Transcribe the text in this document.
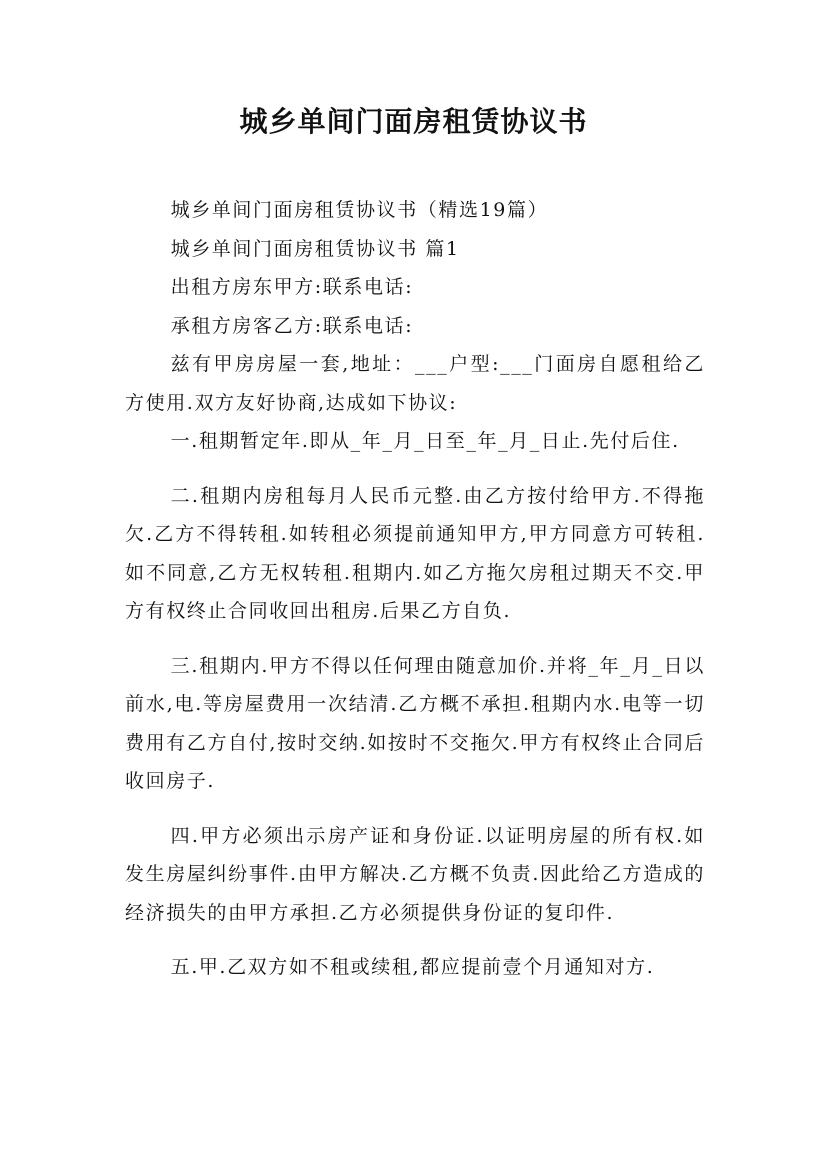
城乡单间门面房租赁协议书

城乡单间门面房租赁协议书（精选19篇）

城乡单间门面房租赁协议书 篇1

出租方房东甲方:联系电话:

承租方房客乙方:联系电话:

兹有甲房房屋一套,地址：___户型:___门面房自愿租给乙方使用.双方友好协商,达成如下协议:

一.租期暂定年.即从_年_月_日至_年_月_日止.先付后住.

二.租期内房租每月人民币元整.由乙方按付给甲方.不得拖欠.乙方不得转租.如转租必须提前通知甲方,甲方同意方可转租.如不同意,乙方无权转租.租期内.如乙方拖欠房租过期天不交.甲方有权终止合同收回出租房.后果乙方自负.

三.租期内.甲方不得以任何理由随意加价.并将_年_月_日以前水,电.等房屋费用一次结清.乙方概不承担.租期内水.电等一切费用有乙方自付,按时交纳.如按时不交拖欠.甲方有权终止合同后收回房子.

四.甲方必须出示房产证和身份证.以证明房屋的所有权.如发生房屋纠纷事件.由甲方解决.乙方概不负责.因此给乙方造成的经济损失的由甲方承担.乙方必须提供身份证的复印件.

五.甲.乙双方如不租或续租,都应提前壹个月通知对方.
